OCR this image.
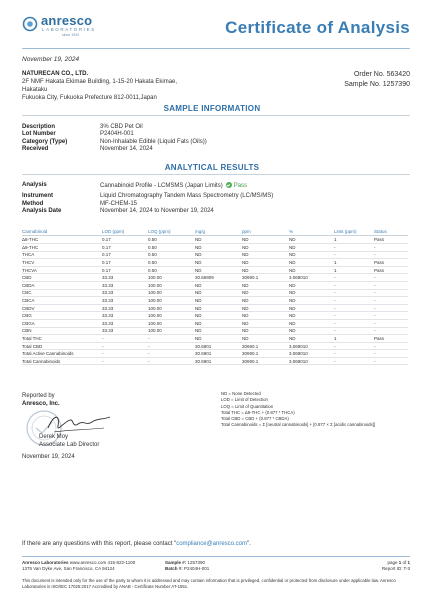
anresco
LABORATORIES
since 1943	Certificate of Analysis
November 19, 2024
NATURECAN CO., LTD.
2F NMF Hakata Ekimae Building, 1-15-20 Hakata Ekimae,
Hakataku
Fukuoka City, Fukuoka Prefecture 812-0011,Japan
Order No. 563420
Sample No. 1257390
SAMPLE INFORMATION
Description	3% CBD Pet Oil
Lot Number	P2404H-001
Category (Type)	Non-Inhalable Edible (Liquid Fats (Oils))
Received	November 14, 2024
ANALYTICAL RESULTS
Analysis	Cannabinoid Profile - LCMSMS (Japan Limits) Pass
Instrument	Liquid Chromatography Tandem Mass Spectrometry (LC/MS/MS)
Method	MF-CHEM-15
Analysis Date	November 14, 2024 to November 19, 2024
Cannabinoid	LOD (ppm)	LOQ (ppm)	mg/g	ppm	%	Limit (ppm)	Status
Δ8-THC	0.17	0.50	ND	ND	ND	1	Pass
Δ9-THC	0.17	0.50	ND	ND	ND	-	-
THCA	0.17	0.50	ND	ND	ND	-	-
THCV	0.17	0.50	ND	ND	ND	1	Pass
THCVA	0.17	0.50	ND	ND	ND	1	Pass
CBD	33.33	100.00	30.66909	30690.1	3.069010	-	-
CBDA	33.33	100.00	ND	ND	ND	-	-
CBC	33.33	100.00	ND	ND	ND	-	-
CBCA	33.33	100.00	ND	ND	ND	-	-
CBDV	33.33	100.00	ND	ND	ND	-	-
CBG	33.33	100.00	ND	ND	ND	-	-
CBGA	33.33	100.00	ND	ND	ND	-	-
CBN	33.33	100.00	ND	ND	ND	-	-
Total THC	-	-	ND	ND	ND	1	Pass
Total CBD	-	-	30.6901	30690.1	3.069010	-	-
Total Active Cannabinoids	-	-	30.6901	30690.1	3.069010	-	-
Total Cannabinoids	-	-	30.6901	30690.1	3.069010	-	-
Reported by
Anresco, Inc.
Derek Moy
Associate Lab Director
November 19, 2024
ND = None Detected
LOD = Limit of Detection
LOQ = Limit of Quantitation
Total THC = Δ9-THC + (0.877 * THCA)
Total CBD = CBD + (0.877 * CBDA)
Total Cannabinoids = Σ [neutral cannabinoids] + [0.877 × Σ [acidic cannabinoids]]
If there are any questions with this report, please contact "compliance@anresco.com".
Anresco Laboratories www.anresco.com 415-822-1100
1375 Van Dyke Ave, San Francisco, CA 94124
Sample #: 1257390
Batch #: P2404H-001
page 1 of 1
Report ID: T-3
This document is intended only for the use of the party to whom it is addressed and may contain information that is privileged, confidential or protected from disclosure under applicable law. Anresco Laboratories is ISO/IEC 17025:2017 Accredited by ANAB - Certificate Number AT-1551.
